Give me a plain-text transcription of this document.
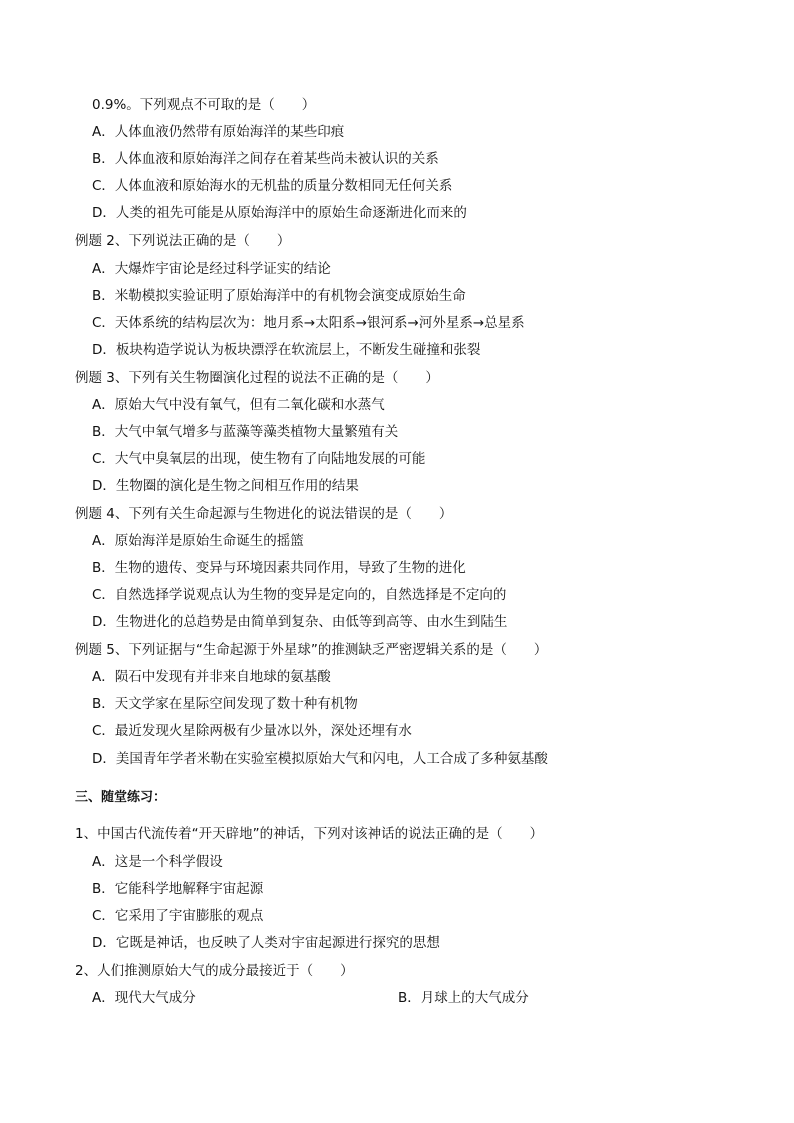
0.9%。下列观点不可取的是（　　）
A．人体血液仍然带有原始海洋的某些印痕
B．人体血液和原始海洋之间存在着某些尚未被认识的关系
C．人体血液和原始海水的无机盐的质量分数相同无任何关系
D．人类的祖先可能是从原始海洋中的原始生命逐渐进化而来的
例题 2、下列说法正确的是（　　）
A．大爆炸宇宙论是经过科学证实的结论
B．米勒模拟实验证明了原始海洋中的有机物会演变成原始生命
C．天体系统的结构层次为：地月系→太阳系→银河系→河外星系→总星系
D．板块构造学说认为板块漂浮在软流层上，不断发生碰撞和张裂
例题 3、下列有关生物圈演化过程的说法不正确的是（　　）
A．原始大气中没有氧气，但有二氧化碳和水蒸气
B．大气中氧气增多与蓝藻等藻类植物大量繁殖有关
C．大气中臭氧层的出现，使生物有了向陆地发展的可能
D．生物圈的演化是生物之间相互作用的结果
例题 4、下列有关生命起源与生物进化的说法错误的是（　　）
A．原始海洋是原始生命诞生的摇篮
B．生物的遗传、变异与环境因素共同作用，导致了生物的进化
C．自然选择学说观点认为生物的变异是定向的，自然选择是不定向的
D．生物进化的总趋势是由简单到复杂、由低等到高等、由水生到陆生
例题 5、下列证据与“生命起源于外星球”的推测缺乏严密逻辑关系的是（　　）
A．陨石中发现有并非来自地球的氨基酸
B．天文学家在星际空间发现了数十种有机物
C．最近发现火星除两极有少量冰以外，深处还埋有水
D．美国青年学者米勒在实验室模拟原始大气和闪电，人工合成了多种氨基酸
三、随堂练习：
1、中国古代流传着“开天辟地”的神话，下列对该神话的说法正确的是（　　）
A．这是一个科学假设
B．它能科学地解释宇宙起源
C．它采用了宇宙膨胀的观点
D．它既是神话，也反映了人类对宇宙起源进行探究的思想
2、人们推测原始大气的成分最接近于（　　）
A．现代大气成分	B．月球上的大气成分
